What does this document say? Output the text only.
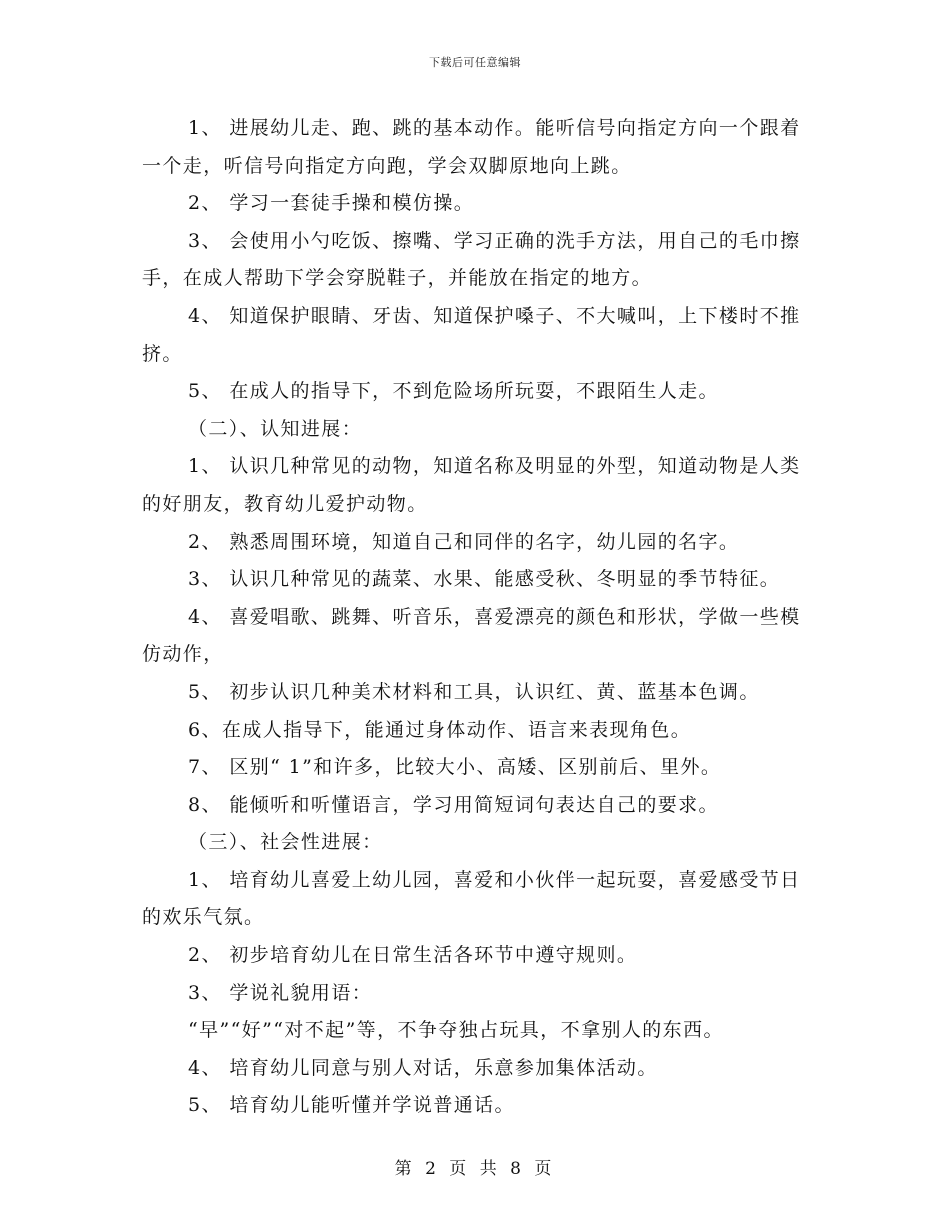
下载后可任意编辑

1、 进展幼儿走、跑、跳的基本动作。能听信号向指定方向一个跟着一个走，听信号向指定方向跑，学会双脚原地向上跳。

2、 学习一套徒手操和模仿操。

3、 会使用小勺吃饭、擦嘴、学习正确的洗手方法，用自己的毛巾擦手，在成人帮助下学会穿脱鞋子，并能放在指定的地方。

4、 知道保护眼睛、牙齿、知道保护嗓子、不大喊叫，上下楼时不推挤。

5、 在成人的指导下，不到危险场所玩耍，不跟陌生人走。

（二）、认知进展：

1、 认识几种常见的动物，知道名称及明显的外型，知道动物是人类的好朋友，教育幼儿爱护动物。

2、 熟悉周围环境，知道自己和同伴的名字，幼儿园的名字。

3、 认识几种常见的蔬菜、水果、能感受秋、冬明显的季节特征。

4、 喜爱唱歌、跳舞、听音乐，喜爱漂亮的颜色和形状，学做一些模仿动作，

5、 初步认识几种美术材料和工具，认识红、黄、蓝基本色调。

6、在成人指导下，能通过身体动作、语言来表现角色。

7、 区别“ 1”和许多，比较大小、高矮、区别前后、里外。

8、 能倾听和听懂语言，学习用简短词句表达自己的要求。

（三）、社会性进展：

1、 培育幼儿喜爱上幼儿园，喜爱和小伙伴一起玩耍，喜爱感受节日的欢乐气氛。

2、 初步培育幼儿在日常生活各环节中遵守规则。

3、 学说礼貌用语：

“早”“好”“对不起”等，不争夺独占玩具，不拿别人的东西。

4、 培育幼儿同意与别人对话，乐意参加集体活动。

5、 培育幼儿能听懂并学说普通话。

第 2 页 共 8 页
